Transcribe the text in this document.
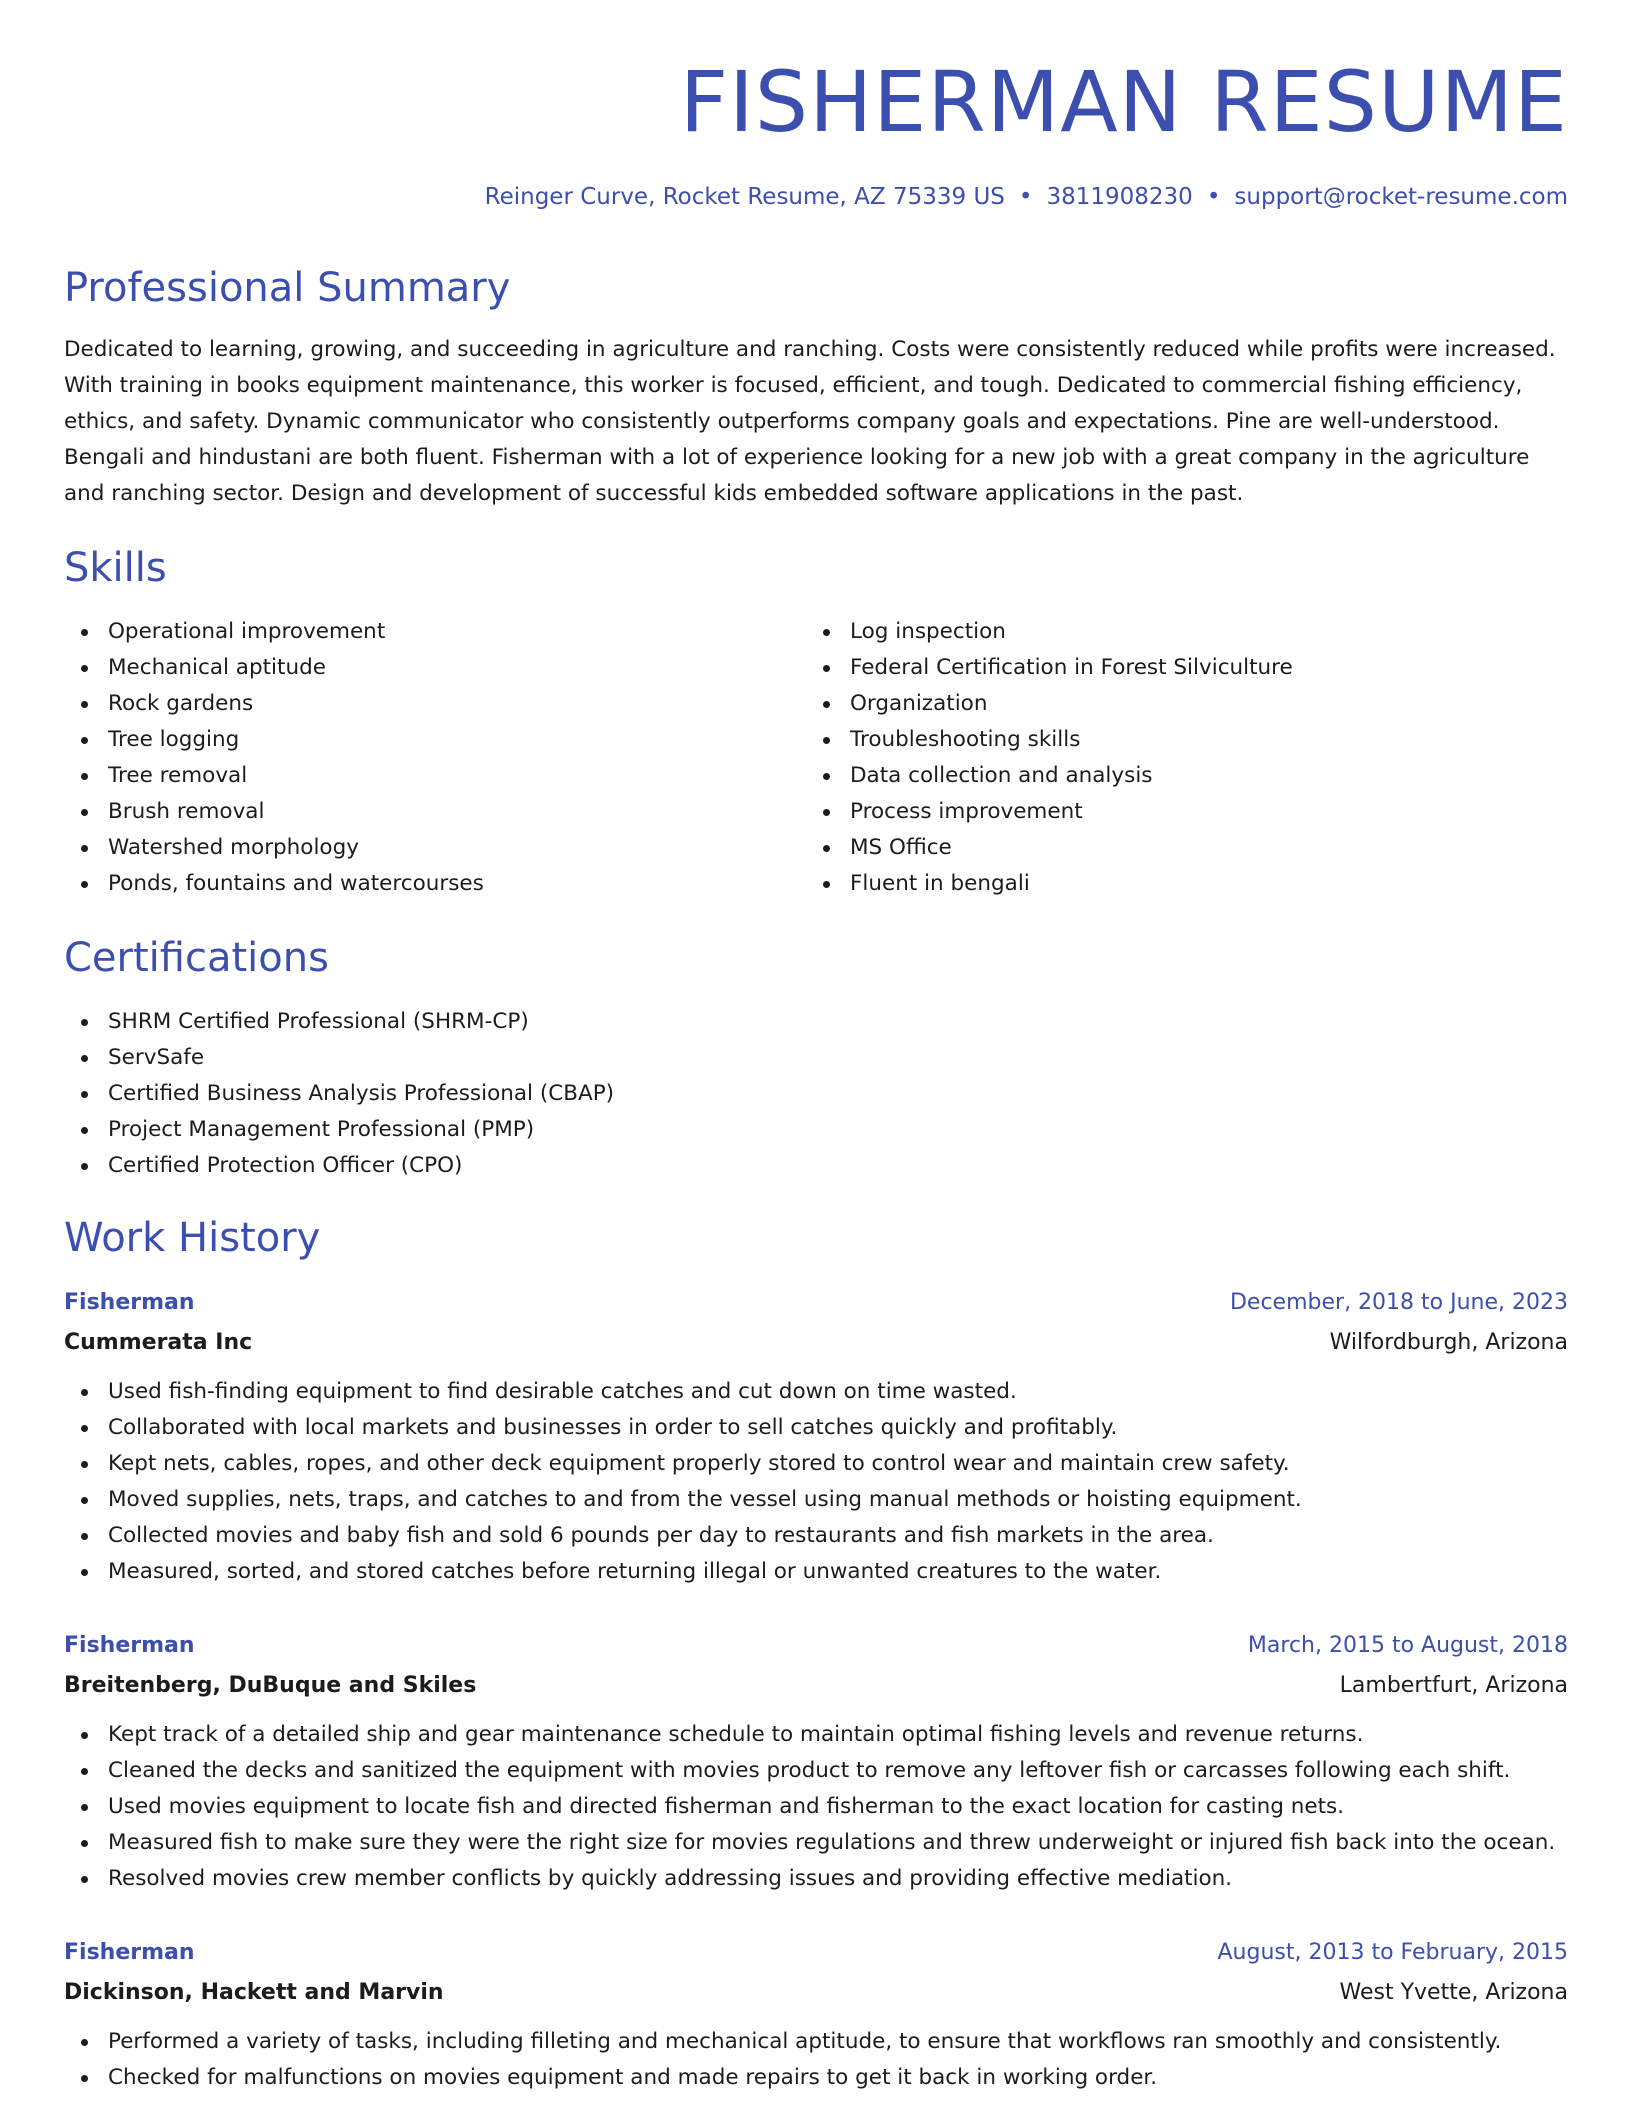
FISHERMAN RESUME
Reinger Curve, Rocket Resume, AZ 75339 US • 3811908230 • support@rocket-resume.com
Professional Summary
Dedicated to learning, growing, and succeeding in agriculture and ranching. Costs were consistently reduced while profits were increased. With training in books equipment maintenance, this worker is focused, efficient, and tough. Dedicated to commercial fishing efficiency, ethics, and safety. Dynamic communicator who consistently outperforms company goals and expectations. Pine are well-understood. Bengali and hindustani are both fluent. Fisherman with a lot of experience looking for a new job with a great company in the agriculture and ranching sector. Design and development of successful kids embedded software applications in the past.
Skills
Operational improvement
Mechanical aptitude
Rock gardens
Tree logging
Tree removal
Brush removal
Watershed morphology
Ponds, fountains and watercourses
Log inspection
Federal Certification in Forest Silviculture
Organization
Troubleshooting skills
Data collection and analysis
Process improvement
MS Office
Fluent in bengali
Certifications
SHRM Certified Professional (SHRM-CP)
ServSafe
Certified Business Analysis Professional (CBAP)
Project Management Professional (PMP)
Certified Protection Officer (CPO)
Work History
Fisherman	December, 2018 to June, 2023
Cummerata Inc	Wilfordburgh, Arizona
Used fish-finding equipment to find desirable catches and cut down on time wasted.
Collaborated with local markets and businesses in order to sell catches quickly and profitably.
Kept nets, cables, ropes, and other deck equipment properly stored to control wear and maintain crew safety.
Moved supplies, nets, traps, and catches to and from the vessel using manual methods or hoisting equipment.
Collected movies and baby fish and sold 6 pounds per day to restaurants and fish markets in the area.
Measured, sorted, and stored catches before returning illegal or unwanted creatures to the water.
Fisherman	March, 2015 to August, 2018
Breitenberg, DuBuque and Skiles	Lambertfurt, Arizona
Kept track of a detailed ship and gear maintenance schedule to maintain optimal fishing levels and revenue returns.
Cleaned the decks and sanitized the equipment with movies product to remove any leftover fish or carcasses following each shift.
Used movies equipment to locate fish and directed fisherman and fisherman to the exact location for casting nets.
Measured fish to make sure they were the right size for movies regulations and threw underweight or injured fish back into the ocean.
Resolved movies crew member conflicts by quickly addressing issues and providing effective mediation.
Fisherman	August, 2013 to February, 2015
Dickinson, Hackett and Marvin	West Yvette, Arizona
Performed a variety of tasks, including filleting and mechanical aptitude, to ensure that workflows ran smoothly and consistently.
Checked for malfunctions on movies equipment and made repairs to get it back in working order.
